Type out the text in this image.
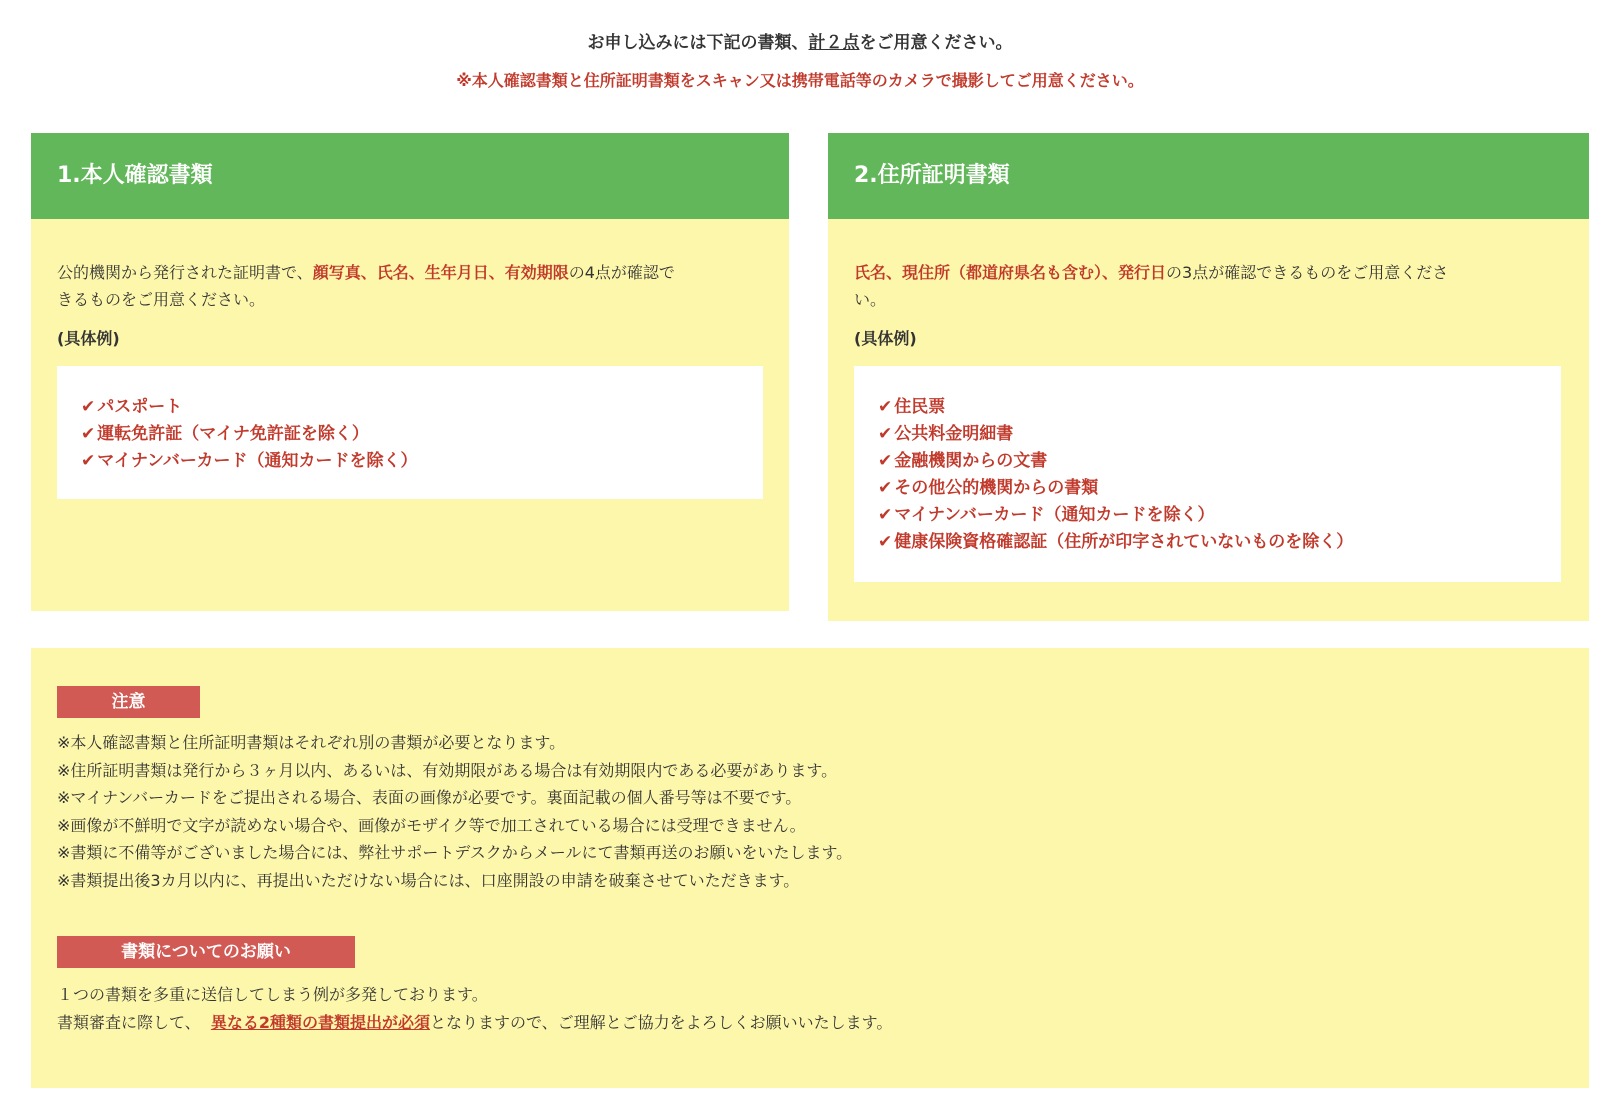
お申し込みには下記の書類、計２点をご用意ください。
※本人確認書類と住所証明書類をスキャン又は携帯電話等のカメラで撮影してご用意ください。
1.本人確認書類
公的機関から発行された証明書で、顔写真、氏名、生年月日、有効期限の4点が確認で
きるものをご用意ください。
(具体例)
✔ パスポート
✔ 運転免許証（マイナ免許証を除く）
✔ マイナンバーカード（通知カードを除く）
2.住所証明書類
氏名、現住所（都道府県名も含む）、発行日の3点が確認できるものをご用意くださ
い。
(具体例)
✔ 住民票
✔ 公共料金明細書
✔ 金融機関からの文書
✔ その他公的機関からの書類
✔ マイナンバーカード（通知カードを除く）
✔ 健康保険資格確認証（住所が印字されていないものを除く）
注意
※本人確認書類と住所証明書類はそれぞれ別の書類が必要となります。
※住所証明書類は発行から３ヶ月以内、あるいは、有効期限がある場合は有効期限内である必要があります。
※マイナンバーカードをご提出される場合、表面の画像が必要です。裏面記載の個人番号等は不要です。
※画像が不鮮明で文字が読めない場合や、画像がモザイク等で加工されている場合には受理できません。
※書類に不備等がございました場合には、弊社サポートデスクからメールにて書類再送のお願いをいたします。
※書類提出後3カ月以内に、再提出いただけない場合には、口座開設の申請を破棄させていただきます。
書類についてのお願い
１つの書類を多重に送信してしまう例が多発しております。
書類審査に際して、 異なる2種類の書類提出が必須となりますので、ご理解とご協力をよろしくお願いいたします。
